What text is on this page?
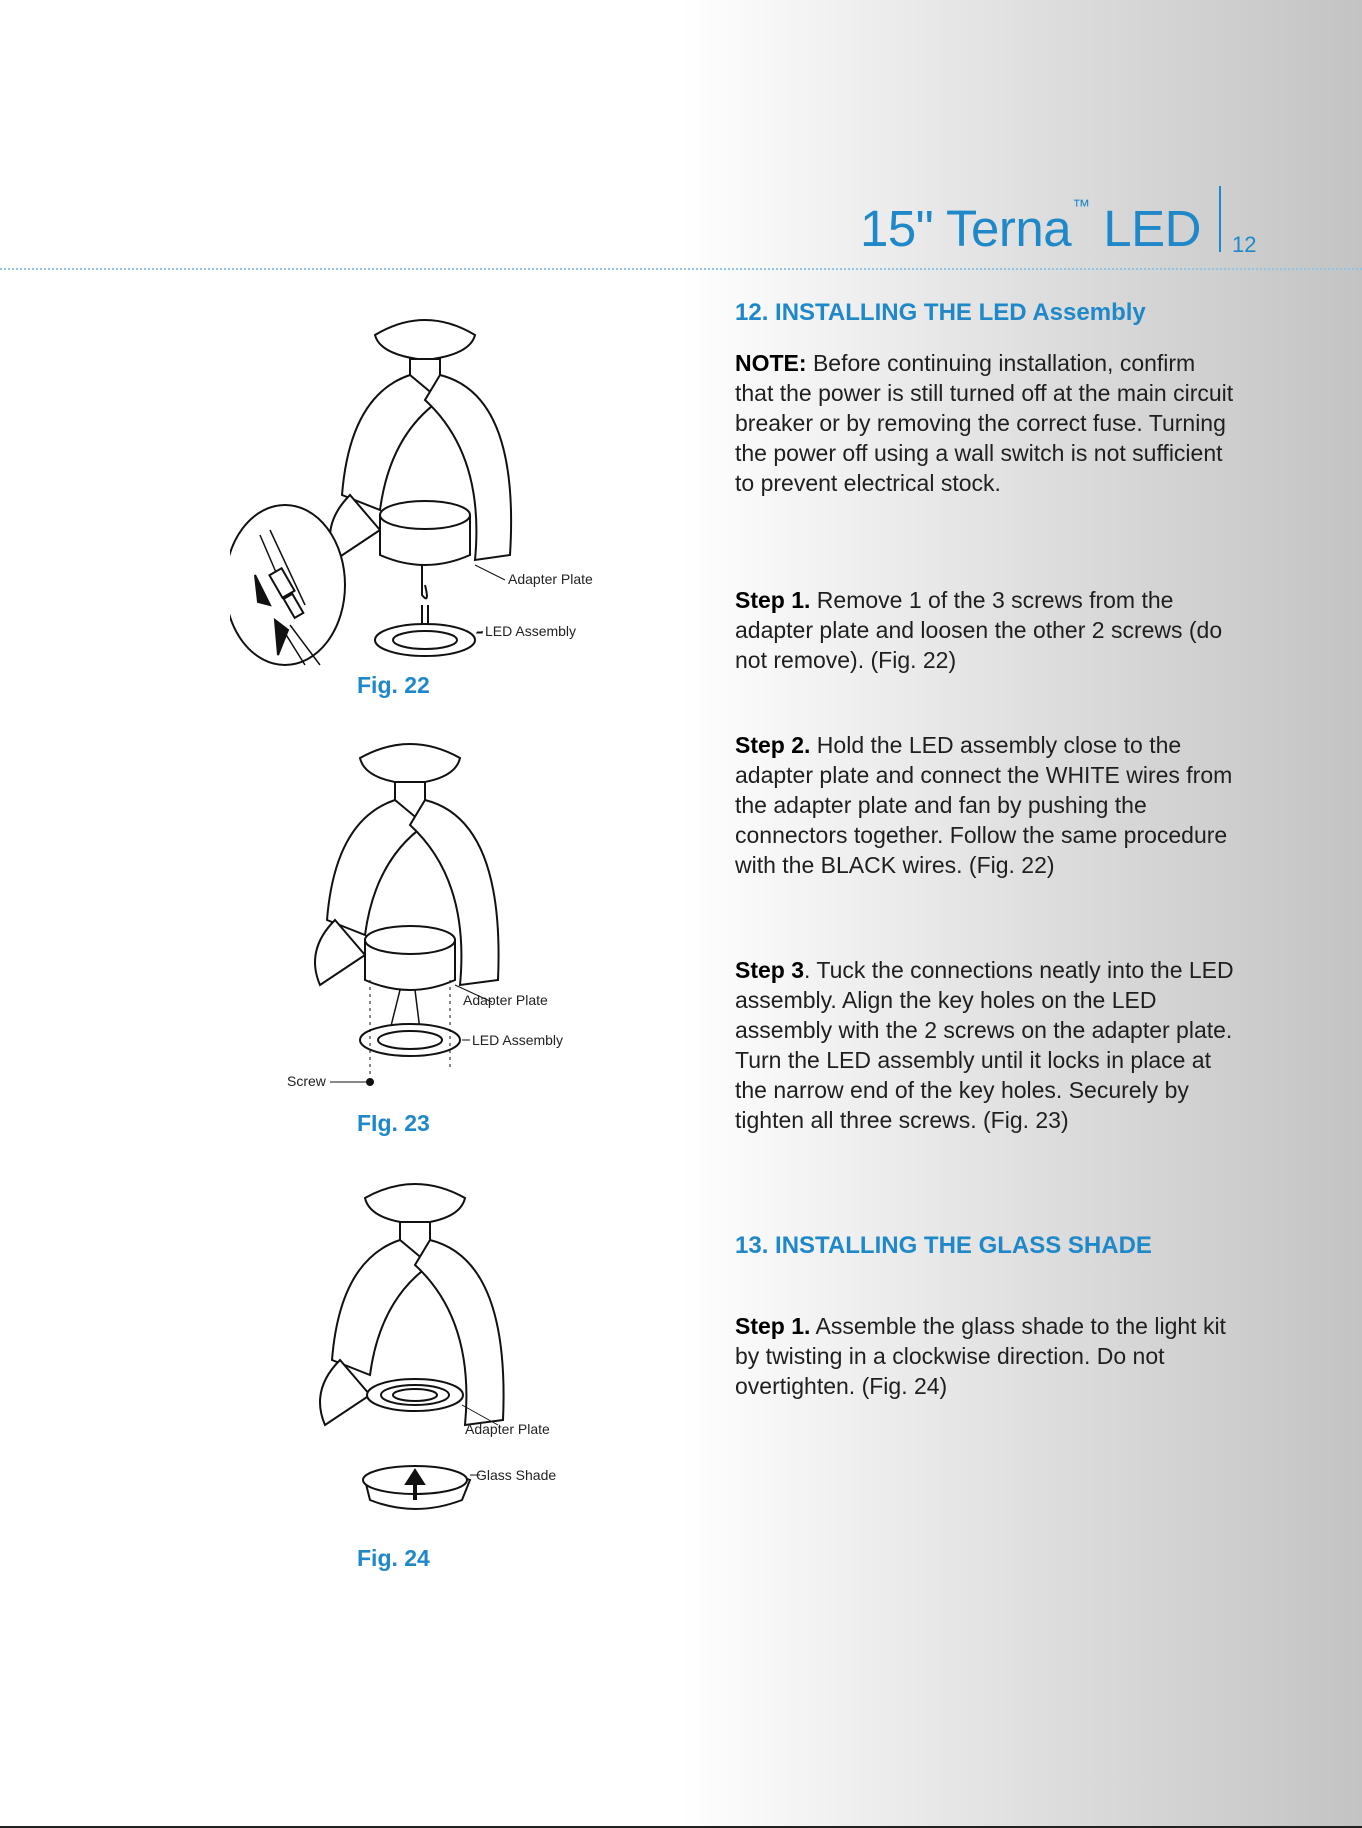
15" Terna™ LED 12
12. INSTALLING THE LED Assembly
NOTE: Before continuing installation, confirm that the power is still turned off at the main circuit breaker or by removing the correct fuse. Turning the power off using a wall switch is not sufficient to prevent electrical stock.
Step 1. Remove 1 of the 3 screws from the adapter plate and loosen the other 2 screws (do not remove). (Fig. 22)
Step 2. Hold the LED assembly close to the adapter plate and connect the WHITE wires from the adapter plate and fan by pushing the connectors together. Follow the same procedure with the BLACK wires. (Fig. 22)
Step 3. Tuck the connections neatly into the LED assembly. Align the key holes on the LED assembly with the 2 screws on the adapter plate. Turn the LED assembly until it locks in place at the narrow end of the key holes. Securely by tighten all three screws. (Fig. 23)
13. INSTALLING THE GLASS SHADE
Step 1. Assemble the glass shade to the light kit by twisting in a clockwise direction. Do not overtighten. (Fig. 24)
Adapter Plate
LED Assembly
Fig. 22
Adapter Plate
LED Assembly
Screw
FIg. 23
Adapter Plate
Glass Shade
Fig. 24
